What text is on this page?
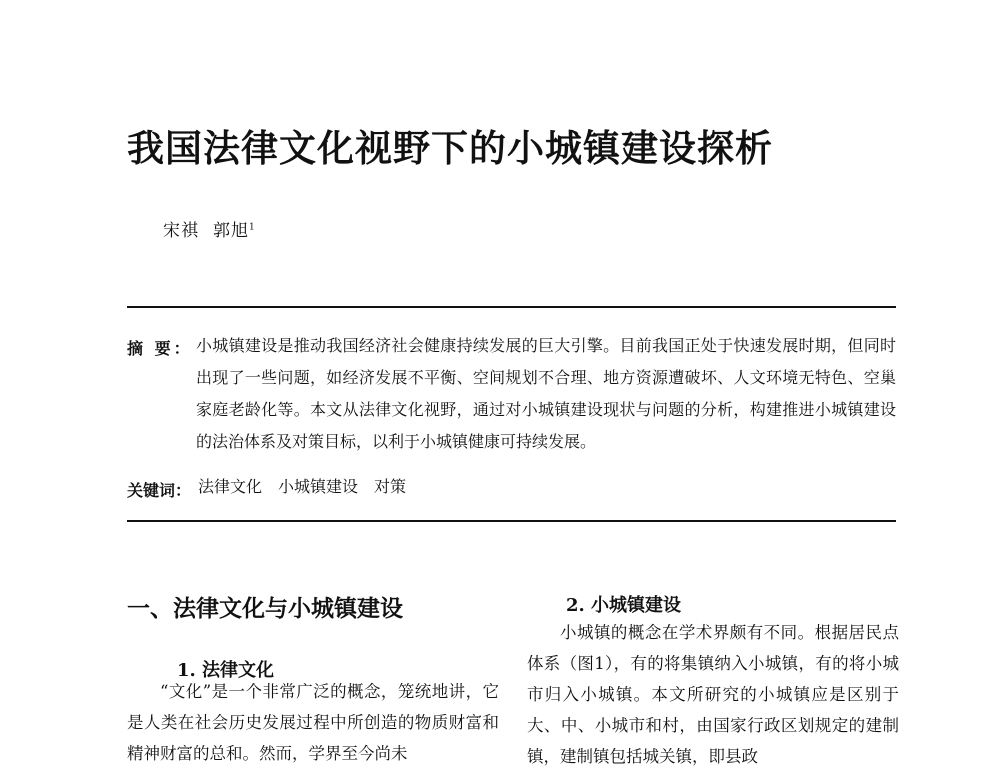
我国法律文化视野下的小城镇建设探析
宋祺 郭旭$^1$
摘 要： 小城镇建设是推动我国经济社会健康持续发展的巨大引擎。目前我国正处于快速发展时期，但同时出现了一些问题，如经济发展不平衡、空间规划不合理、地方资源遭破坏、人文环境无特色、空巢家庭老龄化等。本文从法律文化视野，通过对小城镇建设现状与问题的分析，构建推进小城镇建设的法治体系及对策目标，以利于小城镇健康可持续发展。

关键词： 法律文化 小城镇建设 对策
一、法律文化与小城镇建设
1. 法律文化

“文化”是一个非常广泛的概念，笼统地讲，它是人类在社会历史发展过程中所创造的物质财富和精神财富的总和。然而，学界至今尚未

2. 小城镇建设

小城镇的概念在学术界颇有不同。根据居民点体系（图1），有的将集镇纳入小城镇，有的将小城市归入小城镇。本文所研究的小城镇应是区别于大、中、小城市和村，由国家行政区划规定的建制镇，建制镇包括城关镇，即县政
